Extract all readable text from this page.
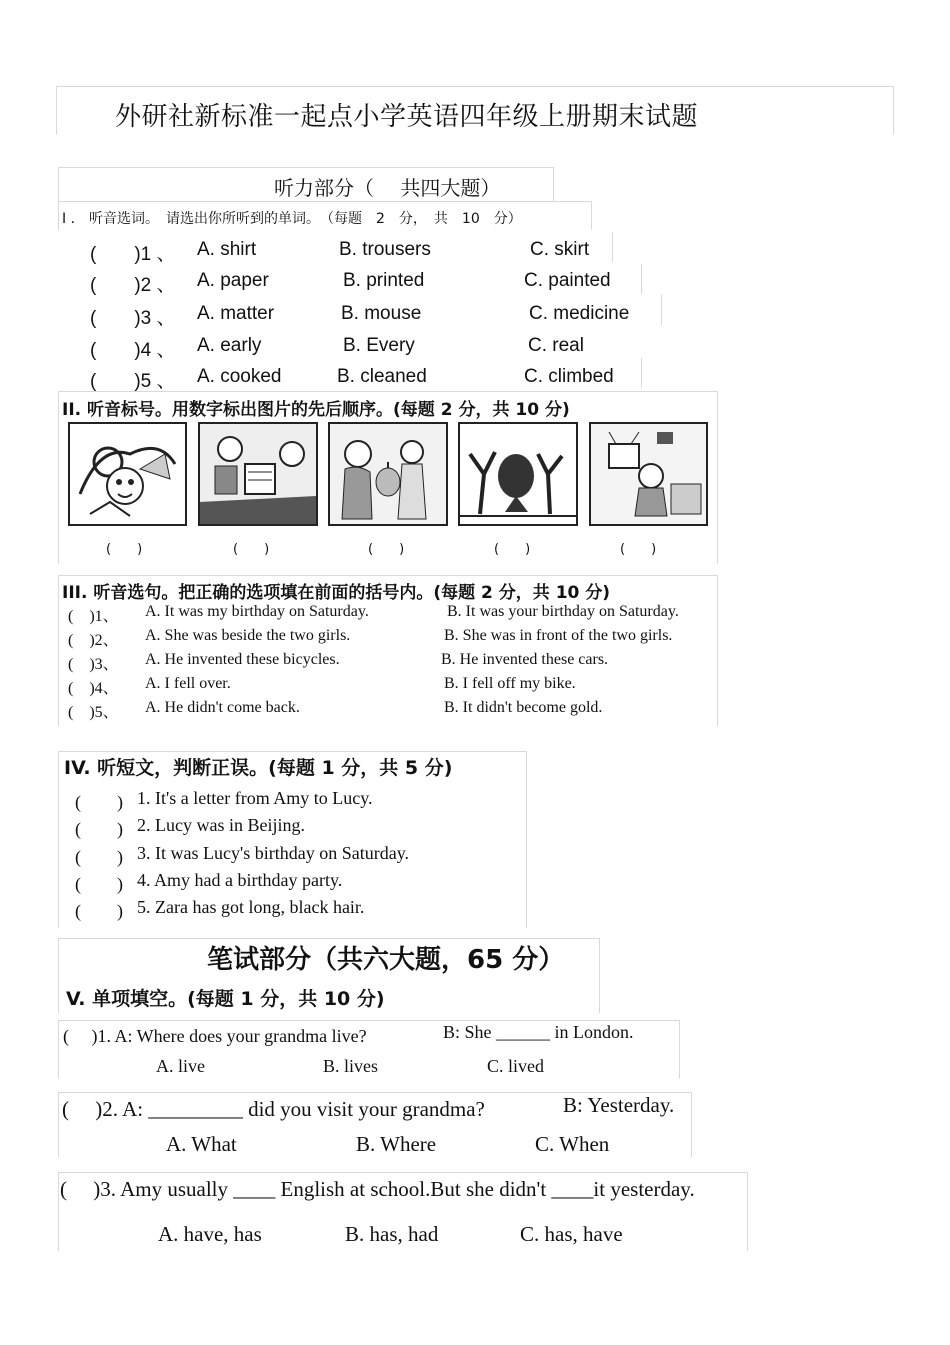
外研社新标准一起点小学英语四年级上册期末试题
听力部分（　 共四大题）
I ． 听音选词。　请选出你所听到的单词。　（每题　2　分，　共　10　分）
(　　)1 、 A. shirt	B. trousers	C. skirt
(　　)2 、 A. paper	B. printed	C. painted
(　　)3 、 A. matter	B. mouse	C. medicine
(　　)4 、 A. early	B. Every	C. real
(　　)5 、 A. cooked	B. cleaned	C. climbed
II. 听音标号。用数字标出图片的先后顺序。(每题 2 分，共 10 分)
(　　)	(　　)	(　　)	(　　)	(　　)
III. 听音选句。把正确的选项填在前面的括号内。(每题 2 分，共 10 分)
(　)1、 A. It was my birthday on Saturday.	B. It was your birthday on Saturday.
(　)2、 A. She was beside the two girls.	B. She was in front of the two girls.
(　)3、 A. He invented these bicycles.	B. He invented these cars.
(　)4、 A. I fell over.	B. I fell off my bike.
(　)5、 A. He didn't come back.	B. It didn't become gold.
IV. 听短文，判断正误。(每题 1 分，共 5 分)
(　　) 1. It's a letter from Amy to Lucy.
(　　) 2. Lucy was in Beijing.
(　　) 3. It was Lucy's birthday on Saturday.
(　　) 4. Amy had a birthday party.
(　　) 5. Zara has got long, black hair.
笔试部分（共六大题，65 分）
V. 单项填空。(每题 1 分，共 10 分)
(　 )1. A: Where does your grandma live?	B: She ______ in London.
A. live	B. lives	C. lived
(　 )2. A: _________ did you visit your grandma?	B: Yesterday.
A. What	B. Where	C. When
(　 )3. Amy usually ____ English at school.But she didn't ____it yesterday.
A. have, has	B. has, had	C. has, have
